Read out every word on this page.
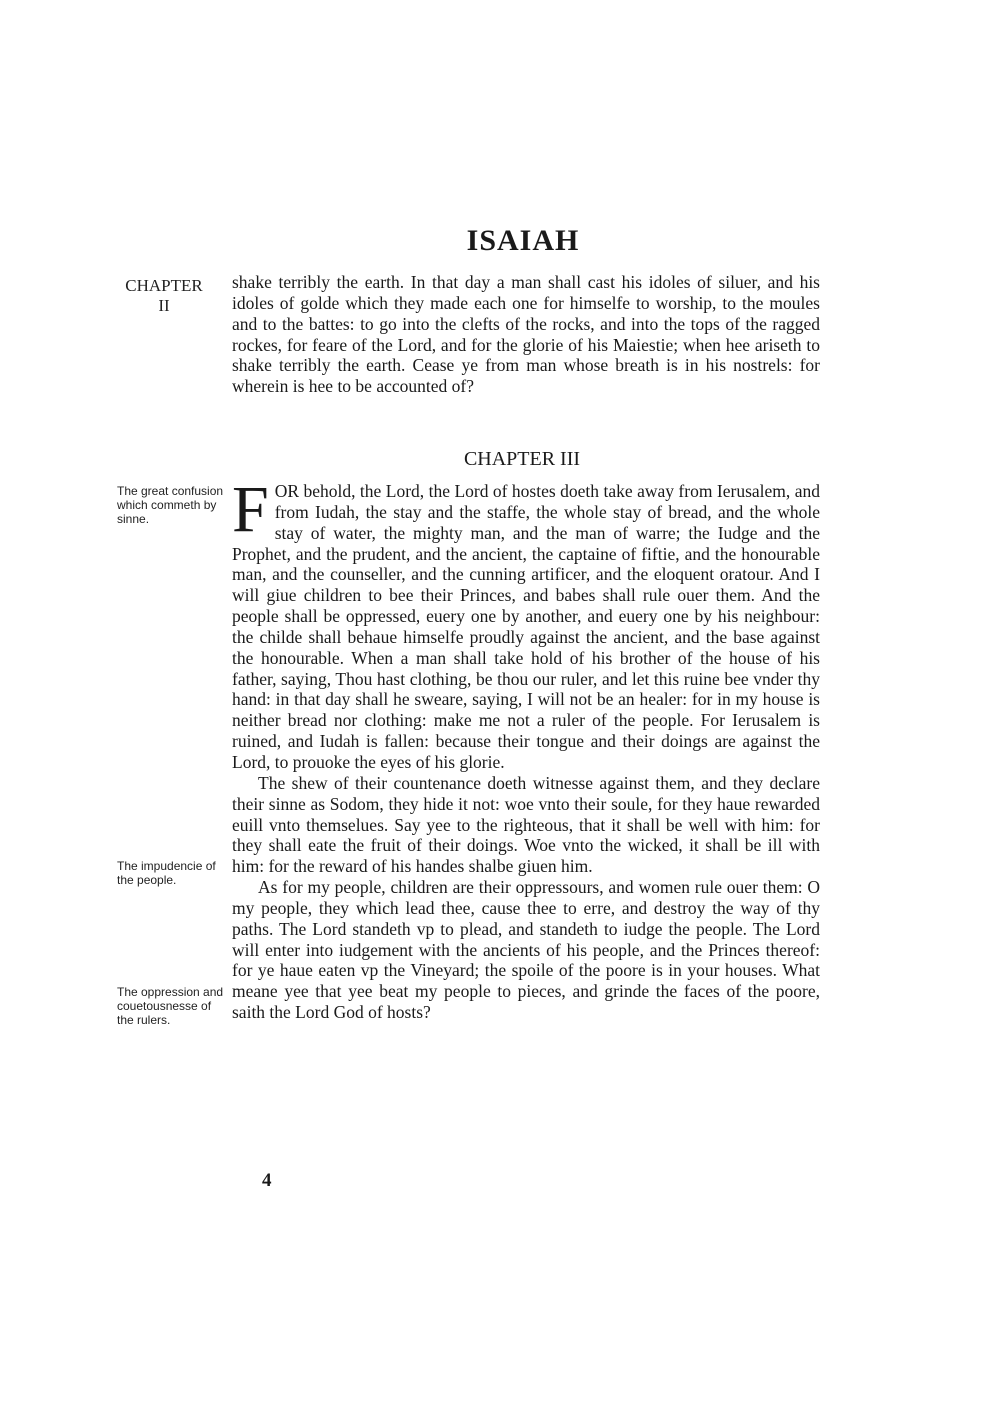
ISAIAH
CHAPTER
II

shake terribly the earth. In that day a man shall cast his idoles of siluer, and his idoles of golde which they made each one for himselfe to worship, to the moules and to the battes: to go into the clefts of the rocks, and into the tops of the ragged rockes, for feare of the Lord, and for the glorie of his Maiestie; when hee ariseth to shake terribly the earth. Cease ye from man whose breath is in his nostrels: for wherein is hee to be accounted of?

CHAPTER III
The great confusion which commeth by sinne.
The impudencie of the people.
The oppression and couetousnesse of the rulers.

FOR behold, the Lord, the Lord of hostes doeth take away from Ierusalem, and from Iudah, the stay and the staffe, the whole stay of bread, and the whole stay of water, the mighty man, and the man of warre; the Iudge and the Prophet, and the prudent, and the ancient, the captaine of fiftie, and the honourable man, and the counseller, and the cunning artificer, and the eloquent oratour. And I will giue children to bee their Princes, and babes shall rule ouer them. And the people shall be oppressed, euery one by another, and euery one by his neighbour: the childe shall behaue himselfe proudly against the ancient, and the base against the honourable. When a man shall take hold of his brother of the house of his father, saying, Thou hast clothing, be thou our ruler, and let this ruine bee vnder thy hand: in that day shall he sweare, saying, I will not be an healer: for in my house is neither bread nor clothing: make me not a ruler of the people. For Ierusalem is ruined, and Iudah is fallen: because their tongue and their doings are against the Lord, to prouoke the eyes of his glorie.

The shew of their countenance doeth witnesse against them, and they declare their sinne as Sodom, they hide it not: woe vnto their soule, for they haue rewarded euill vnto themselues. Say yee to the righteous, that it shall be well with him: for they shall eate the fruit of their doings. Woe vnto the wicked, it shall be ill with him: for the reward of his handes shalbe giuen him.

As for my people, children are their oppressours, and women rule ouer them: O my people, they which lead thee, cause thee to erre, and destroy the way of thy paths. The Lord standeth vp to plead, and standeth to iudge the people. The Lord will enter into iudgement with the ancients of his people, and the Princes thereof: for ye haue eaten vp the Vineyard; the spoile of the poore is in your houses. What meane yee that yee beat my people to pieces, and grinde the faces of the poore, saith the Lord God of hosts?

4
